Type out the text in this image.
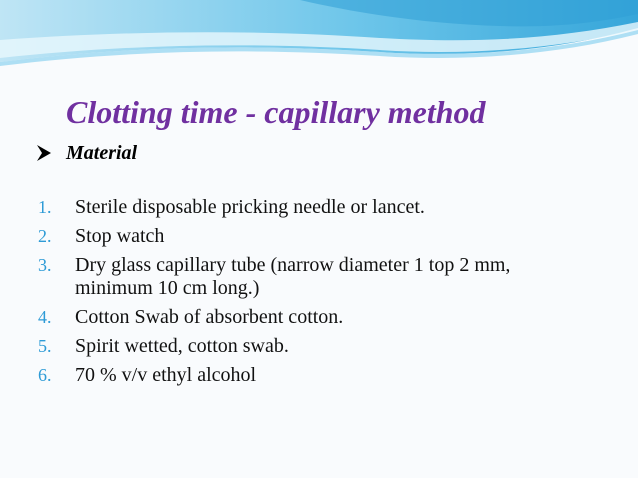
Clotting time - capillary method
Material
1. Sterile disposable pricking needle or lancet.
2. Stop watch
3. Dry glass capillary tube (narrow diameter 1 top 2 mm, minimum 10 cm long.)
4. Cotton Swab of absorbent cotton.
5. Spirit wetted, cotton swab.
6. 70 % v/v ethyl alcohol
